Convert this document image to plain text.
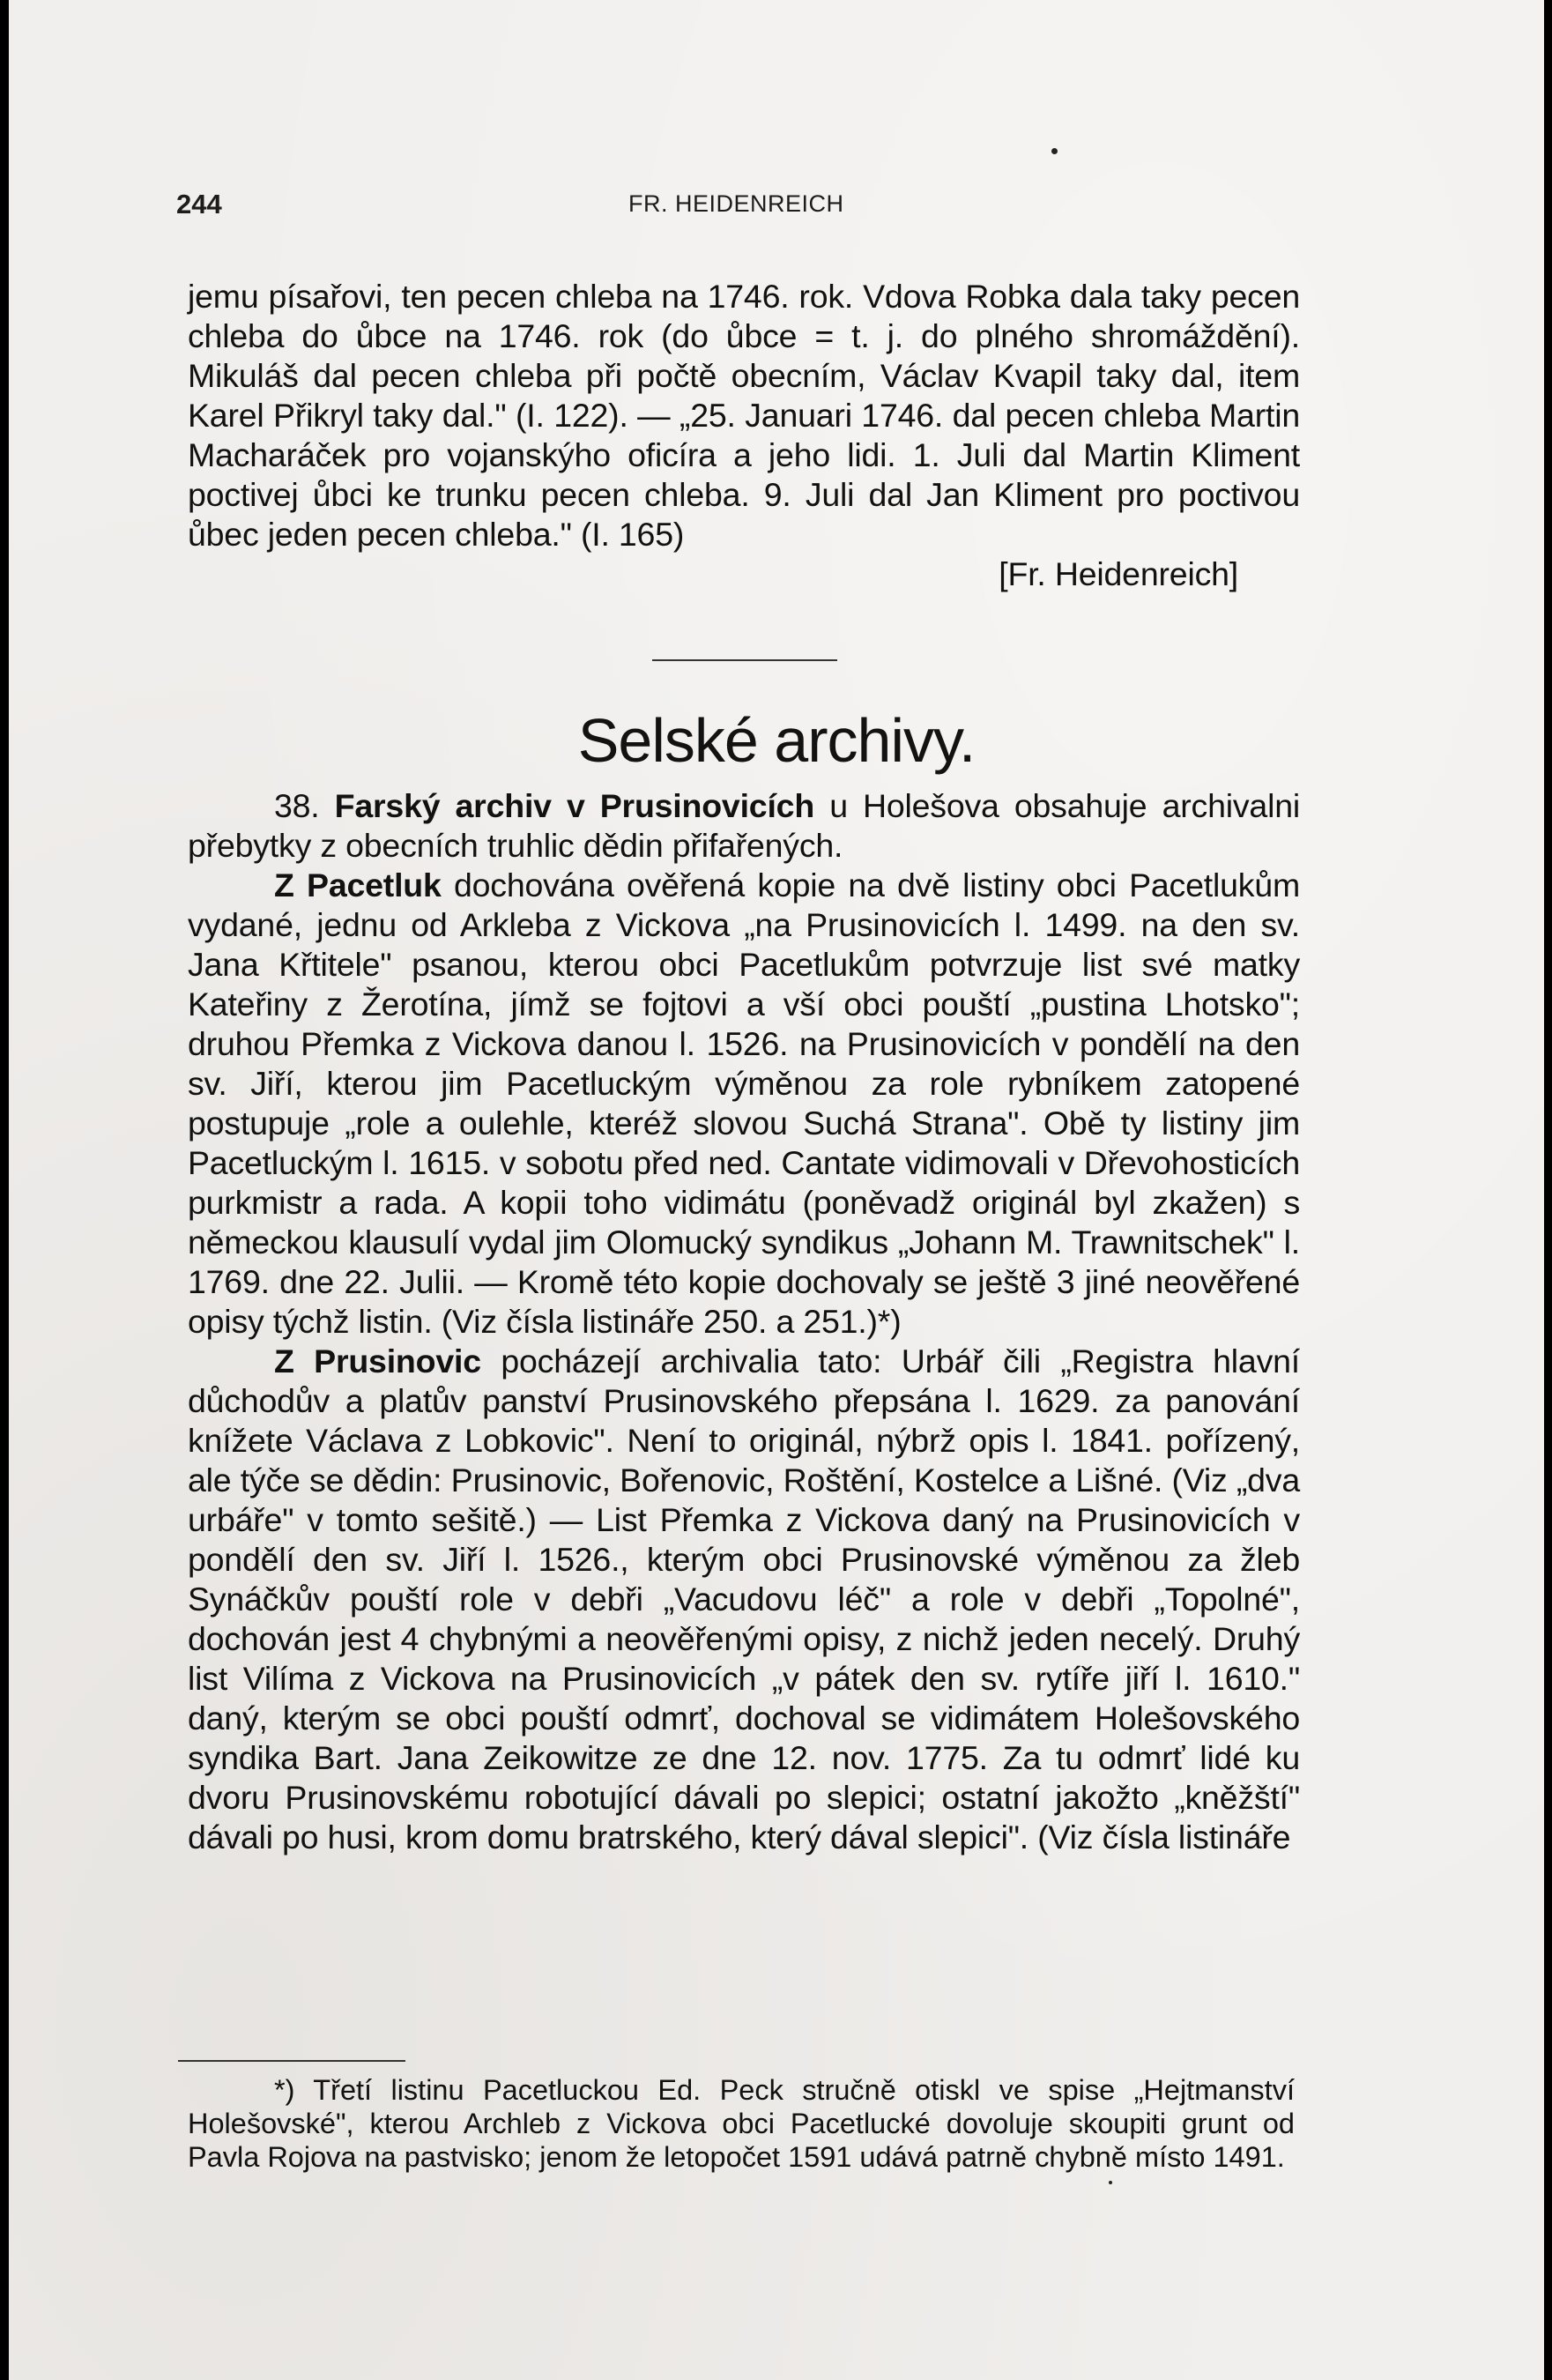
244	FR. HEIDENREICH

jemu písařovi, ten pecen chleba na 1746. rok. Vdova Robka dala taky pecen chleba do ůbce na 1746. rok (do ůbce = t. j. do plného shromáždění). Mikuláš dal pecen chleba při počtě obecním, Václav Kvapil taky dal, item Karel Přikryl taky dal." (I. 122). — „25. Januari 1746. dal pecen chleba Martin Macharáček pro vojanskýho oficíra a jeho lidi. 1. Juli dal Martin Kliment poctivej ůbci ke trunku pecen chleba. 9. Juli dal Jan Kliment pro poctivou ůbec jeden pecen chleba." (I. 165)

[Fr. Heidenreich]

Selské archivy.

38. Farský archiv v Prusinovicích u Holešova obsahuje archivalni přebytky z obecních truhlic dědin přifařených.

Z Pacetluk dochována ověřená kopie na dvě listiny obci Pacetlukům vydané, jednu od Arkleba z Vickova „na Prusinovicích l. 1499. na den sv. Jana Křtitele" psanou, kterou obci Pacetlukům potvrzuje list své matky Kateřiny z Žerotína, jímž se fojtovi a vší obci pouští „pustina Lhotsko"; druhou Přemka z Vickova danou l. 1526. na Prusinovicích v pondělí na den sv. Jiří, kterou jim Pacetluckým výměnou za role rybníkem zatopené postupuje „role a oulehle, kteréž slovou Suchá Strana". Obě ty listiny jim Pacetluckým l. 1615. v sobotu před ned. Cantate vidimovali v Dřevohosticích purkmistr a rada. A kopii toho vidimátu (poněvadž originál byl zkažen) s německou klausulí vydal jim Olomucký syndikus „Johann M. Trawnitschek" l. 1769. dne 22. Julii. — Kromě této kopie dochovaly se ještě 3 jiné neověřené opisy týchž listin. (Viz čísla listináře 250. a 251.)*)

Z Prusinovic pocházejí archivalia tato: Urbář čili „Registra hlavní důchodův a platův panství Prusinovského přepsána l. 1629. za panování knížete Václava z Lobkovic". Není to originál, nýbrž opis l. 1841. pořízený, ale týče se dědin: Prusinovic, Bořenovic, Roštění, Kostelce a Lišné. (Viz „dva urbáře" v tomto sešitě.) — List Přemka z Vickova daný na Prusinovicích v pondělí den sv. Jiří l. 1526., kterým obci Prusinovské výměnou za žleb Synáčkův pouští role v debři „Vacudovu léč" a role v debři „Topolné", dochován jest 4 chybnými a neověřenými opisy, z nichž jeden necelý. Druhý list Vilíma z Vickova na Prusinovicích „v pátek den sv. rytíře jiří l. 1610." daný, kterým se obci pouští odmrť, dochoval se vidimátem Holešovského syndika Bart. Jana Zeikowitze ze dne 12. nov. 1775. Za tu odmrť lidé ku dvoru Prusinovskému robotující dávali po slepici; ostatní jakožto „kněžští" dávali po husi, krom domu bratrského, který dával slepici". (Viz čísla listináře

*) Třetí listinu Pacetluckou Ed. Peck stručně otiskl ve spise „Hejtmanství Holešovské", kterou Archleb z Vickova obci Pacetlucké dovoluje skoupiti grunt od Pavla Rojova na pastvisko; jenom že letopočet 1591 udává patrně chybně místo 1491.
